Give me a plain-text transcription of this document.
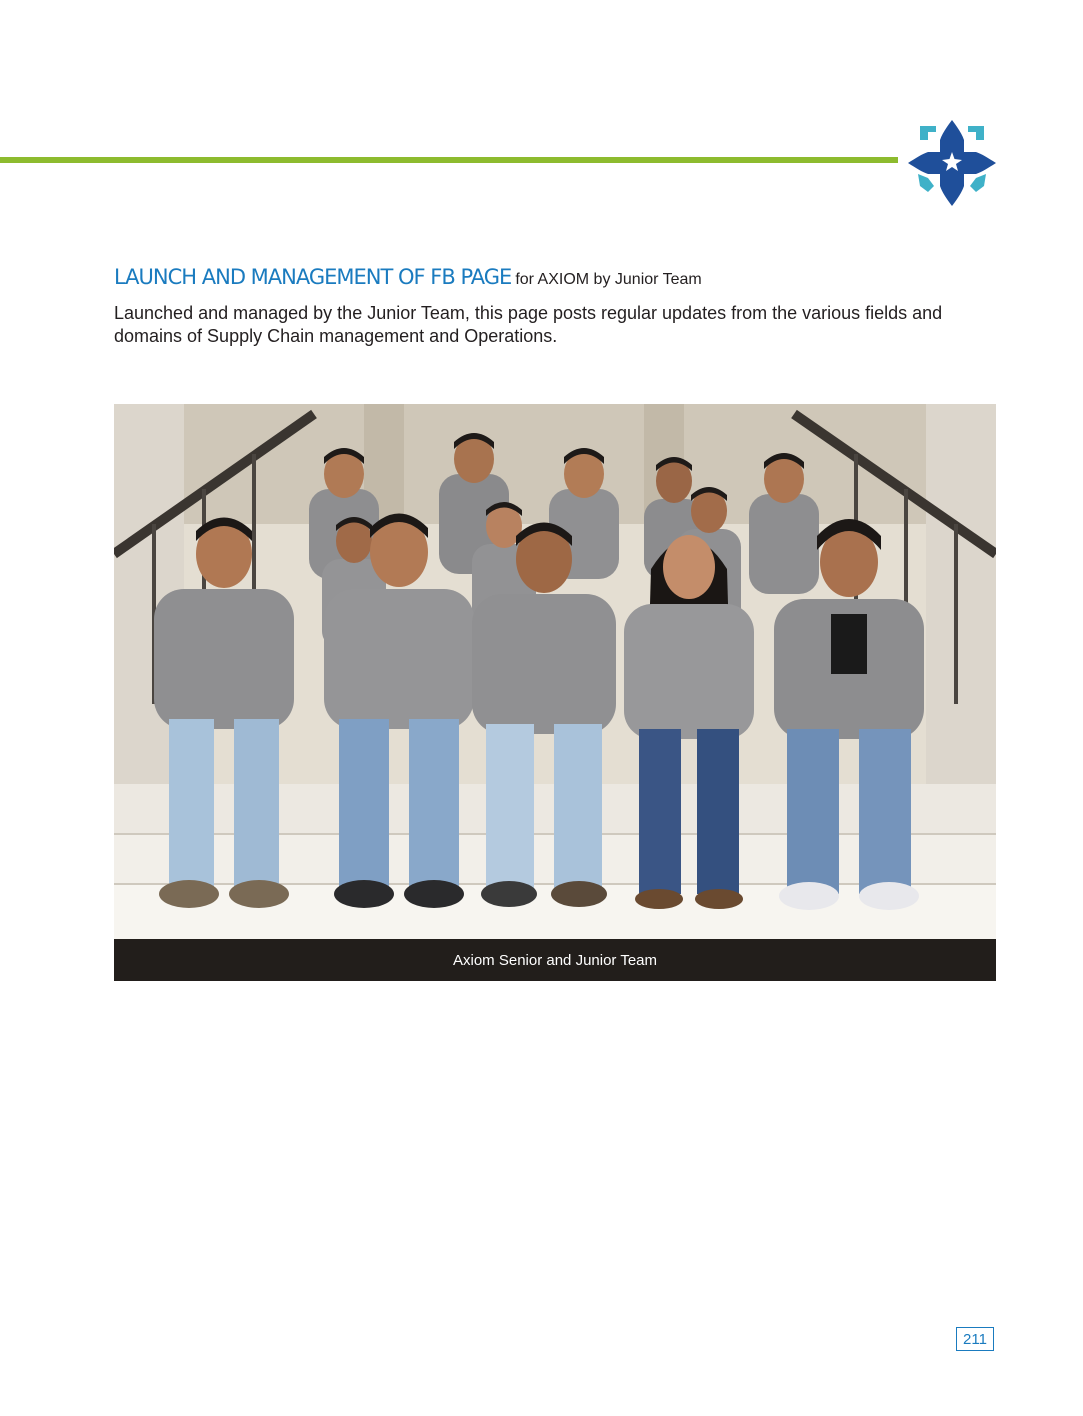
LAUNCH AND MANAGEMENT OF FB PAGE for AXIOM by Junior Team

Launched and managed by the Junior Team, this page posts regular updates from the various fields and domains of Supply Chain management and Operations.

Axiom Senior and Junior Team
211
